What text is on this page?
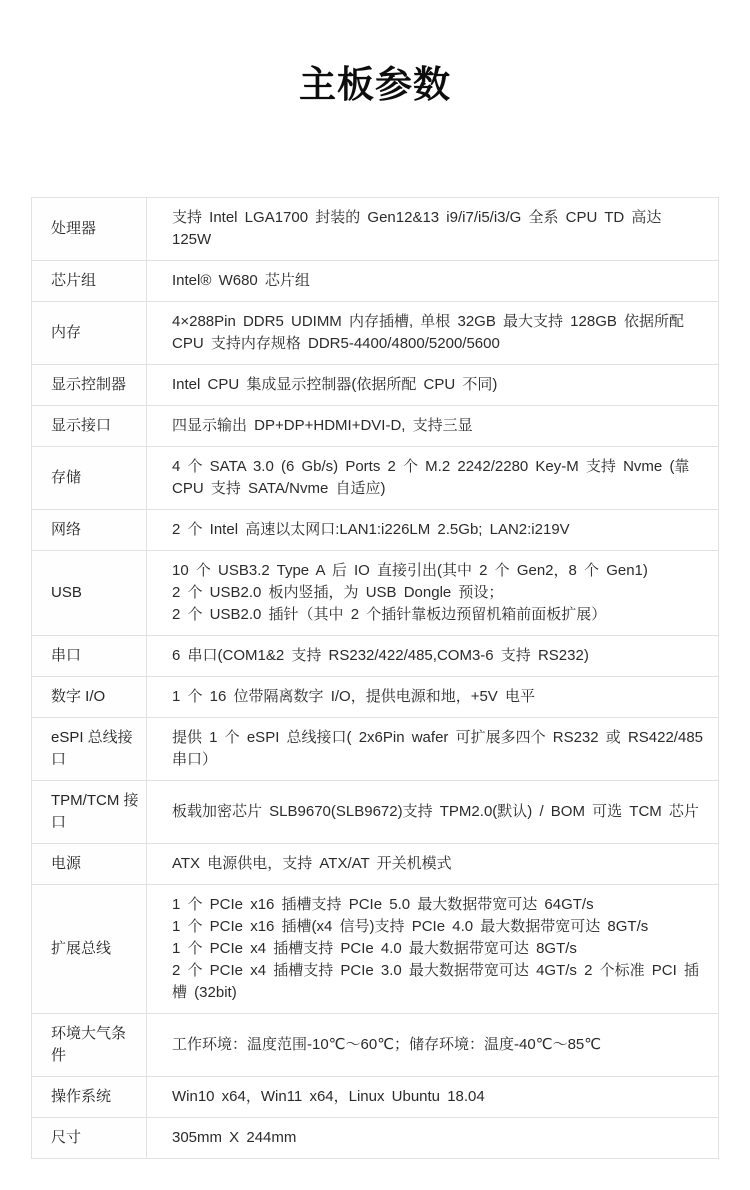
主板参数
处理器	支持 Intel LGA1700 封装的 Gen12&13 i9/i7/i5/i3/G 全系 CPU TD 高达 125W

芯片组	Intel® W680 芯片组

内存	4×288Pin DDR5 UDIMM 内存插槽, 单根 32GB 最大支持 128GB 依据所配 CPU 支持内存规格 DDR5-4400/4800/5200/5600

显示控制器	Intel CPU 集成显示控制器(依据所配 CPU 不同)

显示接口	四显示输出 DP+DP+HDMI+DVI-D, 支持三显

存储	4 个 SATA 3.0 (6 Gb/s) Ports 2 个 M.2 2242/2280 Key-M 支持 Nvme (靠 CPU 支持 SATA/Nvme 自适应)

网络	2 个 Intel 高速以太网口:LAN1:i226LM 2.5Gb; LAN2:i219V

USB	10 个 USB3.2 Type A 后 IO 直接引出(其中 2 个 Gen2，8 个 Gen1)
2 个 USB2.0 板内竖插，为 USB Dongle 预设；
2 个 USB2.0 插针（其中 2 个插针靠板边预留机箱前面板扩展）

串口	6 串口(COM1&2 支持 RS232/422/485,COM3-6 支持 RS232)

数字 I/O	1 个 16 位带隔离数字 I/O，提供电源和地，+5V 电平

eSPI 总线接口	提供 1 个 eSPI 总线接口( 2x6Pin wafer 可扩展多四个 RS232 或 RS422/485 串口）

TPM/TCM 接口	板载加密芯片 SLB9670(SLB9672)支持 TPM2.0(默认) / BOM 可选 TCM 芯片

电源	ATX 电源供电，支持 ATX/AT 开关机模式

扩展总线	1 个 PCIe x16 插槽支持 PCIe 5.0 最大数据带宽可达 64GT/s
1 个 PCIe x16 插槽(x4 信号)支持 PCIe 4.0 最大数据带宽可达 8GT/s
1 个 PCIe x4 插槽支持 PCIe 4.0 最大数据带宽可达 8GT/s
2 个 PCIe x4 插槽支持 PCIe 3.0 最大数据带宽可达 4GT/s 2 个标准 PCI 插槽 (32bit)

环境大气条件	工作环境：温度范围-10℃～60℃；储存环境：温度-40℃～85℃

操作系统	Win10 x64，Win11 x64，Linux Ubuntu 18.04

尺寸	305mm X 244mm
